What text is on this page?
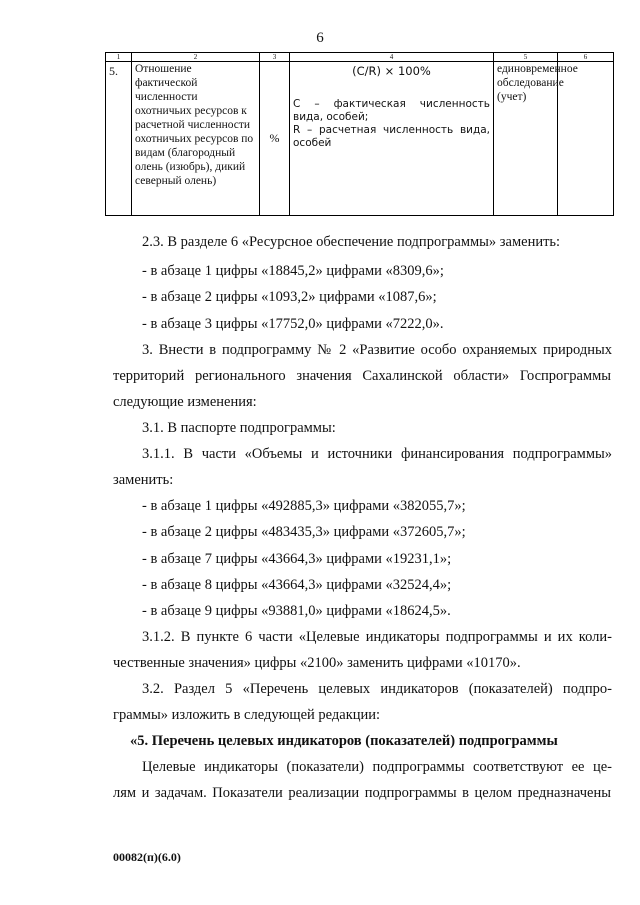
6
1	2	3	4	5	6
5.	Отношение фактической численности охотничьих ресурсов к расчетной численности охотничьих ресурсов по видам (благородный олень (изюбрь), дикий северный олень)	%	(C/R) × 100%
C – фактическая численность вида, особей;
R – расчетная численность вида, особей	единовременное обследование (учет)	

2.3. В разделе 6 «Ресурсное обеспечение подпрограммы» заменить:
- в абзаце 1 цифры «18845,2» цифрами «8309,6»;
- в абзаце 2 цифры «1093,2» цифрами «1087,6»;
- в абзаце 3 цифры «17752,0» цифрами «7222,0».
3. Внести в подпрограмму № 2 «Развитие особо охраняемых природных
территорий регионального значения Сахалинской области» Госпрограммы
следующие изменения:
3.1. В паспорте подпрограммы:
3.1.1. В части «Объемы и источники финансирования подпрограммы»
заменить:
- в абзаце 1 цифры «492885,3» цифрами «382055,7»;
- в абзаце 2 цифры «483435,3» цифрами «372605,7»;
- в абзаце 7 цифры «43664,3» цифрами «19231,1»;
- в абзаце 8 цифры «43664,3» цифрами «32524,4»;
- в абзаце 9 цифры «93881,0» цифрами «18624,5».
3.1.2. В пункте 6 части «Целевые индикаторы подпрограммы и их коли-
чественные значения» цифры «2100» заменить цифрами «10170».
3.2. Раздел 5 «Перечень целевых индикаторов (показателей) подпро-
граммы» изложить в следующей редакции:
«5. Перечень целевых индикаторов (показателей) подпрограммы
Целевые индикаторы (показатели) подпрограммы соответствуют ее це-
лям и задачам. Показатели реализации подпрограммы в целом предназначены
00082(п)(6.0)
